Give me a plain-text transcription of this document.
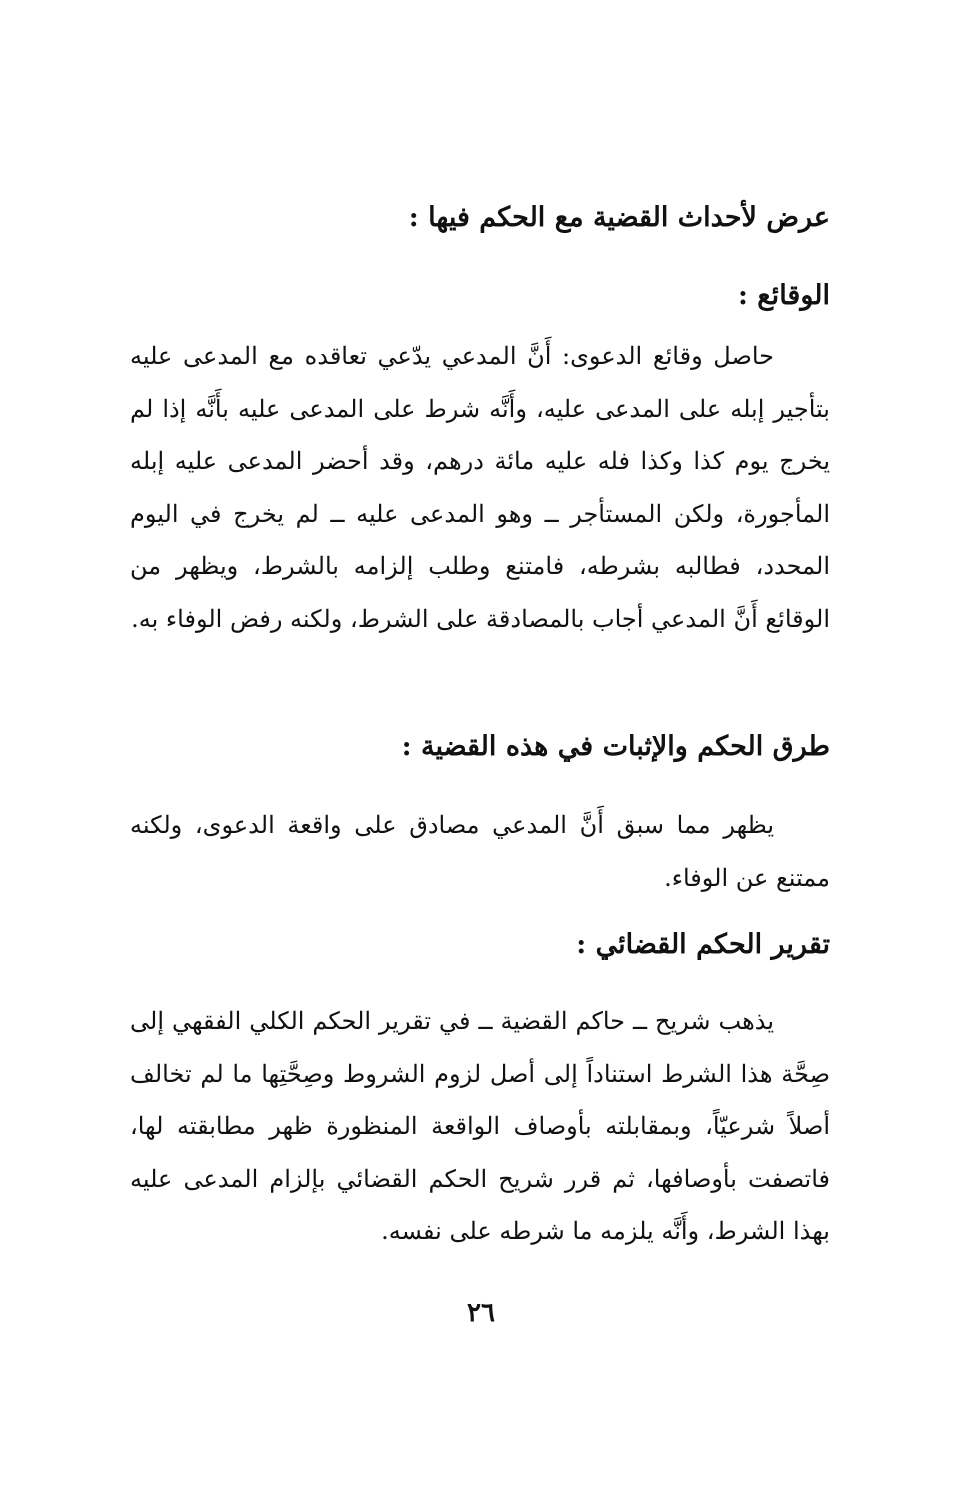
عرض لأحداث القضية مع الحكم فيها :
الوقائع :
حاصل وقائع الدعوى: أَنَّ المدعي يدّعي تعاقده مع المدعى عليه بتأجير إبله على المدعى عليه، وأَنَّه شرط على المدعى عليه بأَنَّه إذا لم يخرج يوم كذا وكذا فله عليه مائة درهم، وقد أحضر المدعى عليه إبله المأجورة، ولكن المستأجر ــ وهو المدعى عليه ــ لم يخرج في اليوم المحدد، فطالبه بشرطه، فامتنع وطلب إلزامه بالشرط، ويظهر من الوقائع أَنَّ المدعي أجاب بالمصادقة على الشرط، ولكنه رفض الوفاء به.
طرق الحكم والإثبات في هذه القضية :
يظهر مما سبق أَنَّ المدعي مصادق على واقعة الدعوى، ولكنه ممتنع عن الوفاء.
تقرير الحكم القضائي :
يذهب شريح ــ حاكم القضية ــ في تقرير الحكم الكلي الفقهي إلى صِحَّة هذا الشرط استناداً إلى أصل لزوم الشروط وصِحَّتِها ما لم تخالف أصلاً شرعيّاً، وبمقابلته بأوصاف الواقعة المنظورة ظهر مطابقته لها، فاتصفت بأوصافها، ثم قرر شريح الحكم القضائي بإلزام المدعى عليه بهذا الشرط، وأَنَّه يلزمه ما شرطه على نفسه.
٢٦
